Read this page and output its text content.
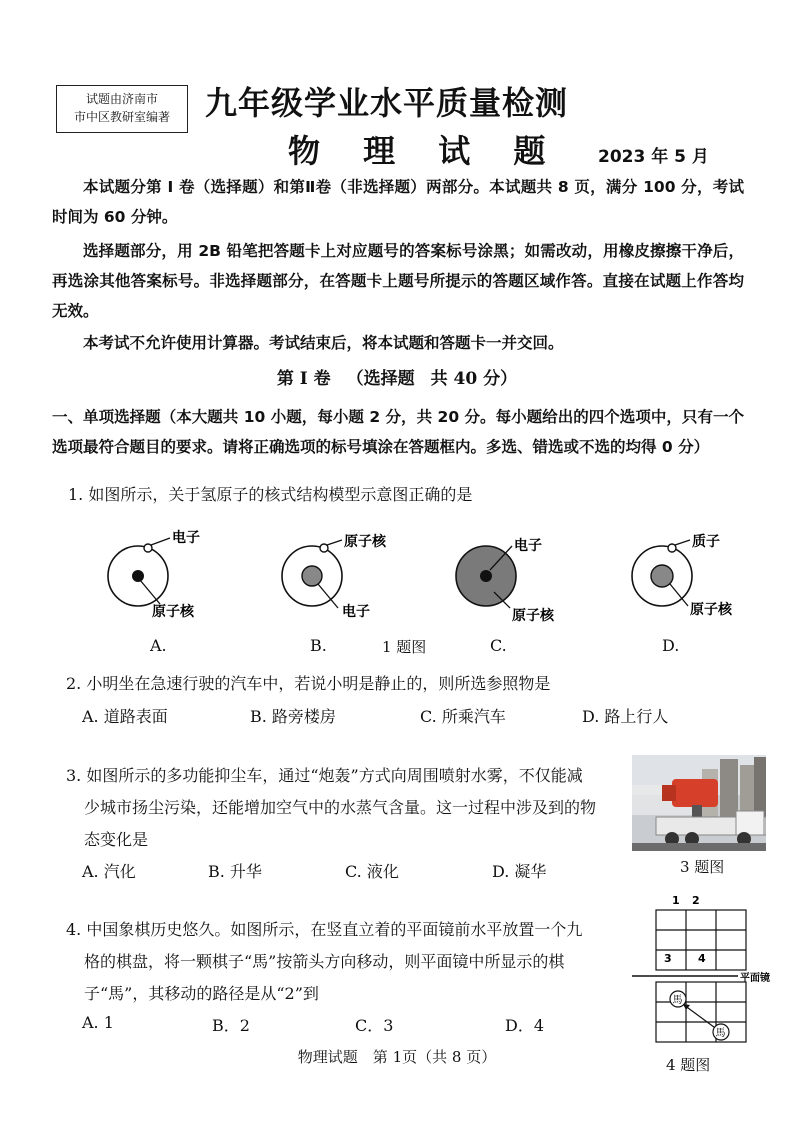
试题由济南市
市中区教研室编著	九年级学业水平质量检测
物 理 试 题 2023 年 5 月
本试题分第 I 卷（选择题）和第Ⅱ卷（非选择题）两部分。本试题共 8 页，满分 100 分，考试时间为 60 分钟。
选择题部分，用 2B 铅笔把答题卡上对应题号的答案标号涂黑；如需改动，用橡皮擦擦干净后，再选涂其他答案标号。非选择题部分，在答题卡上题号所提示的答题区域作答。直接在试题上作答均无效。
本考试不允许使用计算器。考试结束后，将本试题和答题卡一并交回。
第 I 卷 （选择题 共 40 分）
一、单项选择题（本大题共 10 小题，每小题 2 分，共 20 分。每小题给出的四个选项中，只有一个选项最符合题目的要求。请将正确选项的标号填涂在答题框内。多选、错选或不选的均得 0 分）
1. 如图所示，关于氢原子的核式结构模型示意图正确的是
电子
原子核
原子核
电子
电子
原子核
质子
原子核
A.	B.	1 题图	C.	D.
2. 小明坐在急速行驶的汽车中，若说小明是静止的，则所选参照物是
A. 道路表面	B. 路旁楼房	C. 所乘汽车	D. 路上行人
3. 如图所示的多功能抑尘车，通过“炮轰”方式向周围喷射水雾，不仅能减
少城市扬尘污染，还能增加空气中的水蒸气含量。这一过程中涉及到的物
态变化是
A. 汽化	B. 升华	C. 液化	D. 凝华	3 题图
4. 中国象棋历史悠久。如图所示，在竖直立着的平面镜前水平放置一个九
格的棋盘，将一颗棋子“馬”按箭头方向移动，则平面镜中所显示的棋
子“馬”，其移动的路径是从“2”到
A. 1	B．2	C．3	D．4
1 2
3 4
平面镜
馬
馬
4 题图
物理试题　第 1页（共 8 页）
